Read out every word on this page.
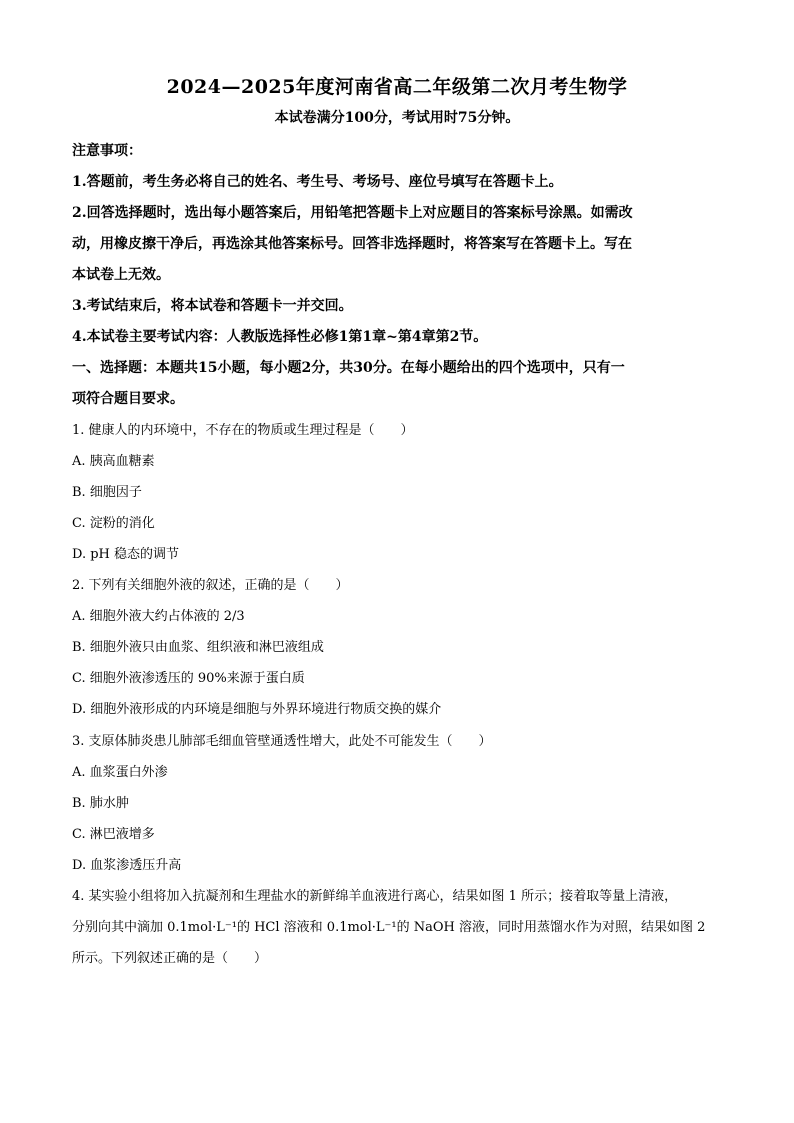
2024—2025年度河南省高二年级第二次月考生物学
本试卷满分100分，考试用时75分钟。
注意事项：
1.答题前，考生务必将自己的姓名、考生号、考场号、座位号填写在答题卡上。
2.回答选择题时，选出每小题答案后，用铅笔把答题卡上对应题目的答案标号涂黑。如需改
动，用橡皮擦干净后，再选涂其他答案标号。回答非选择题时，将答案写在答题卡上。写在
本试卷上无效。
3.考试结束后，将本试卷和答题卡一并交回。
4.本试卷主要考试内容：人教版选择性必修1第1章~第4章第2节。
一、选择题：本题共15小题，每小题2分，共30分。在每小题给出的四个选项中，只有一
项符合题目要求。
1. 健康人的内环境中，不存在的物质或生理过程是（　　）
A. 胰高血糖素
B. 细胞因子
C. 淀粉的消化
D. pH 稳态的调节
2. 下列有关细胞外液的叙述，正确的是（　　）
A. 细胞外液大约占体液的 2/3
B. 细胞外液只由血浆、组织液和淋巴液组成
C. 细胞外液渗透压的 90%来源于蛋白质
D. 细胞外液形成的内环境是细胞与外界环境进行物质交换的媒介
3. 支原体肺炎患儿肺部毛细血管壁通透性增大，此处不可能发生（　　）
A. 血浆蛋白外渗
B. 肺水肿
C. 淋巴液增多
D. 血浆渗透压升高
4. 某实验小组将加入抗凝剂和生理盐水的新鲜绵羊血液进行离心，结果如图 1 所示；接着取等量上清液，
分别向其中滴加 0.1mol·L⁻¹的 HCl 溶液和 0.1mol·L⁻¹的 NaOH 溶液，同时用蒸馏水作为对照，结果如图 2
所示。下列叙述正确的是（　　）
